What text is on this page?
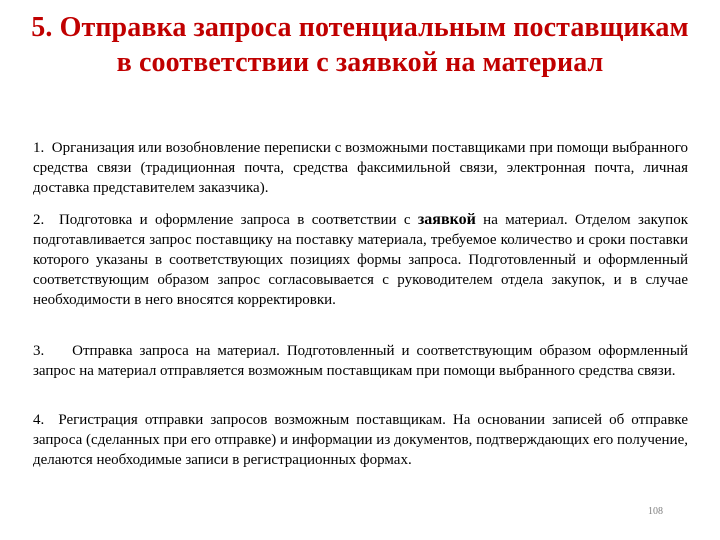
5. Отправка запроса потенциальным поставщикам в соответствии с заявкой на материал

1. Организация или возобновление переписки с возможными поставщиками при помощи выбранного средства связи (традиционная почта, средства факсимильной связи, электронная почта, личная доставка представителем заказчика).

2. Подготовка и оформление запроса в соответствии с заявкой на материал. Отделом закупок подготавливается запрос поставщику на поставку материала, требуемое количество и сроки поставки которого указаны в соответствующих позициях формы запроса. Подготовленный и оформленный соответствующим образом запрос согласовывается с руководителем отдела закупок, и в случае необходимости в него вносятся корректировки.

3. Отправка запроса на материал. Подготовленный и соответствующим образом оформленный запрос на материал отправляется возможным поставщикам при помощи выбранного средства связи.

4. Регистрация отправки запросов возможным поставщикам. На основании записей об отправке запроса (сделанных при его отправке) и информации из документов, подтверждающих его получение, делаются необходимые записи в регистрационных формах.

108
